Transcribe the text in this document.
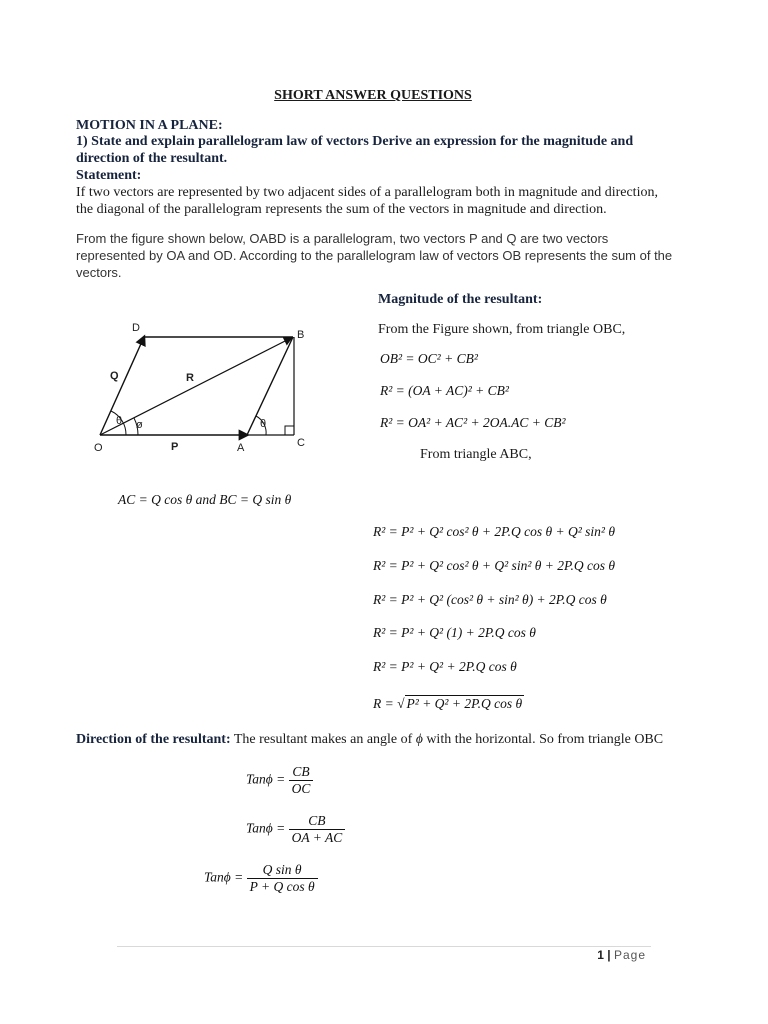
SHORT ANSWER QUESTIONS
MOTION IN A PLANE:
1) State and explain parallelogram law of vectors Derive an expression for the magnitude and
direction of the resultant.
Statement:
If two vectors are represented by two adjacent sides of a parallelogram both in magnitude and direction,
the diagonal of the parallelogram represents the sum of the vectors in magnitude and direction.
From the figure shown below, OABD is a parallelogram, two vectors P and Q are two vectors
represented by OA and OD. According to the parallelogram law of vectors OB represents the sum of the
vectors.
D
B
O	A	C
P
Q	R
θ ø	θ
Magnitude of the resultant:
From the Figure shown, from triangle OBC,
OB² = OC² + CB²
R² = (OA + AC)² + CB²
R² = OA² + AC² + 2OA.AC + CB²
From triangle ABC,
AC = Q cos θ and BC = Q sin θ
R² = P² + Q² cos² θ + 2P.Q cos θ + Q² sin² θ
R² = P² + Q² cos² θ + Q² sin² θ + 2P.Q cos θ
R² = P² + Q² (cos² θ + sin² θ) + 2P.Q cos θ
R² = P² + Q² (1) + 2P.Q cos θ
R² = P² + Q² + 2P.Q cos θ
R = √ P² + Q² + 2P.Q cos θ
Direction of the resultant: The resultant makes an angle of ϕ with the horizontal. So from triangle OBC
$Tan\phi = \frac{CB}{OC}$
$Tan\phi = \frac{CB}{OA + AC}$
$Tan\phi = \frac{\text{Q sin θ}}{\text{P + Q cos θ}}$
1 | Page
